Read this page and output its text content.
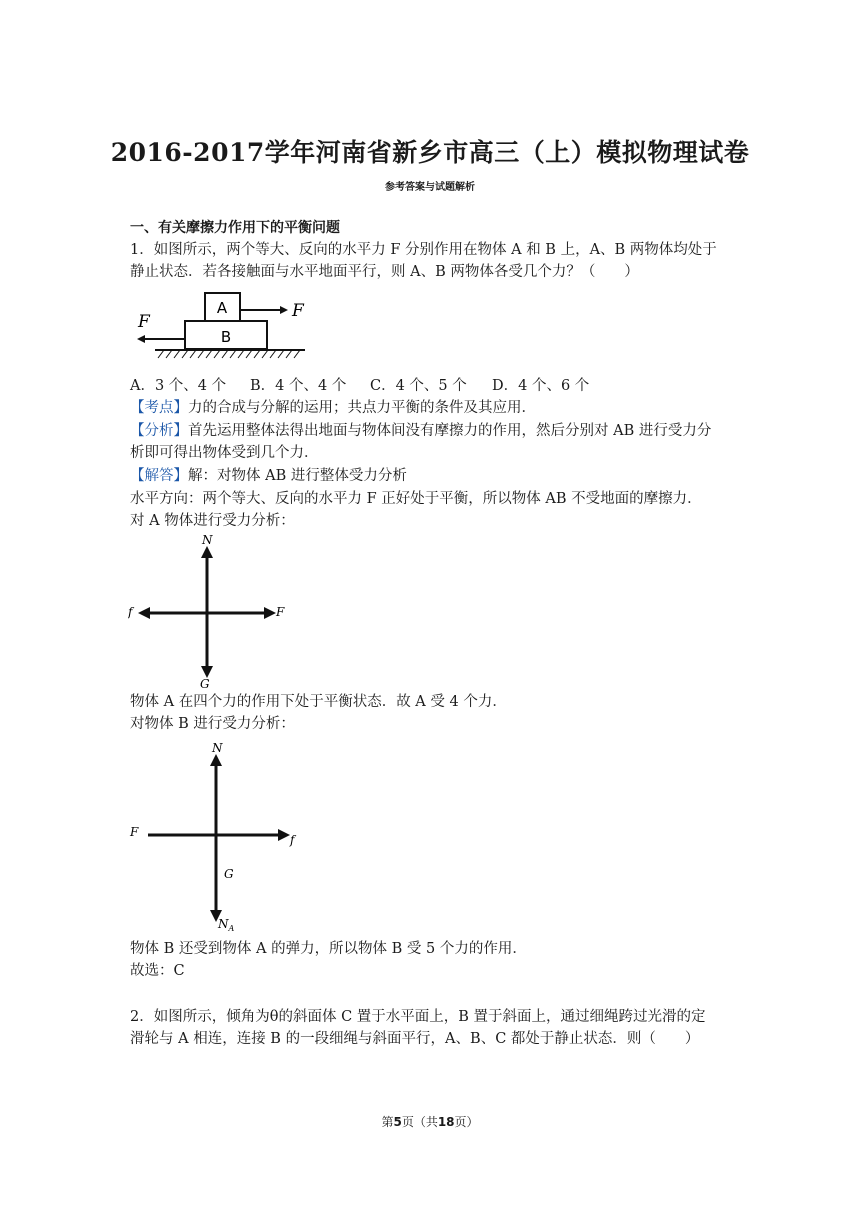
2016-2017学年河南省新乡市高三（上）模拟物理试卷
参考答案与试题解析
一、有关摩擦力作用下的平衡问题
1．如图所示，两个等大、反向的水平力 F 分别作用在物体 A 和 B 上，A、B 两物体均处于
静止状态．若各接触面与水平地面平行，则 A、B 两物体各受几个力？（　　）
A
B
F
F
A．3 个、4 个 B．4 个、4 个 C．4 个、5 个 D．4 个、6 个
【考点】力的合成与分解的运用；共点力平衡的条件及其应用．
【分析】首先运用整体法得出地面与物体间没有摩擦力的作用，然后分别对 AB 进行受力分
析即可得出物体受到几个力．
【解答】解：对物体 AB 进行整体受力分析
水平方向：两个等大、反向的水平力 F 正好处于平衡，所以物体 AB 不受地面的摩擦力．
对 A 物体进行受力分析：
N
f	F
G
物体 A 在四个力的作用下处于平衡状态．故 A 受 4 个力．
对物体 B 进行受力分析：
N
F
f
G
$N_A$
物体 B 还受到物体 A 的弹力，所以物体 B 受 5 个力的作用．
故选：C
2．如图所示，倾角为θ的斜面体 C 置于水平面上，B 置于斜面上，通过细绳跨过光滑的定
滑轮与 A 相连，连接 B 的一段细绳与斜面平行，A、B、C 都处于静止状态．则（　　）
第5页（共18页）
